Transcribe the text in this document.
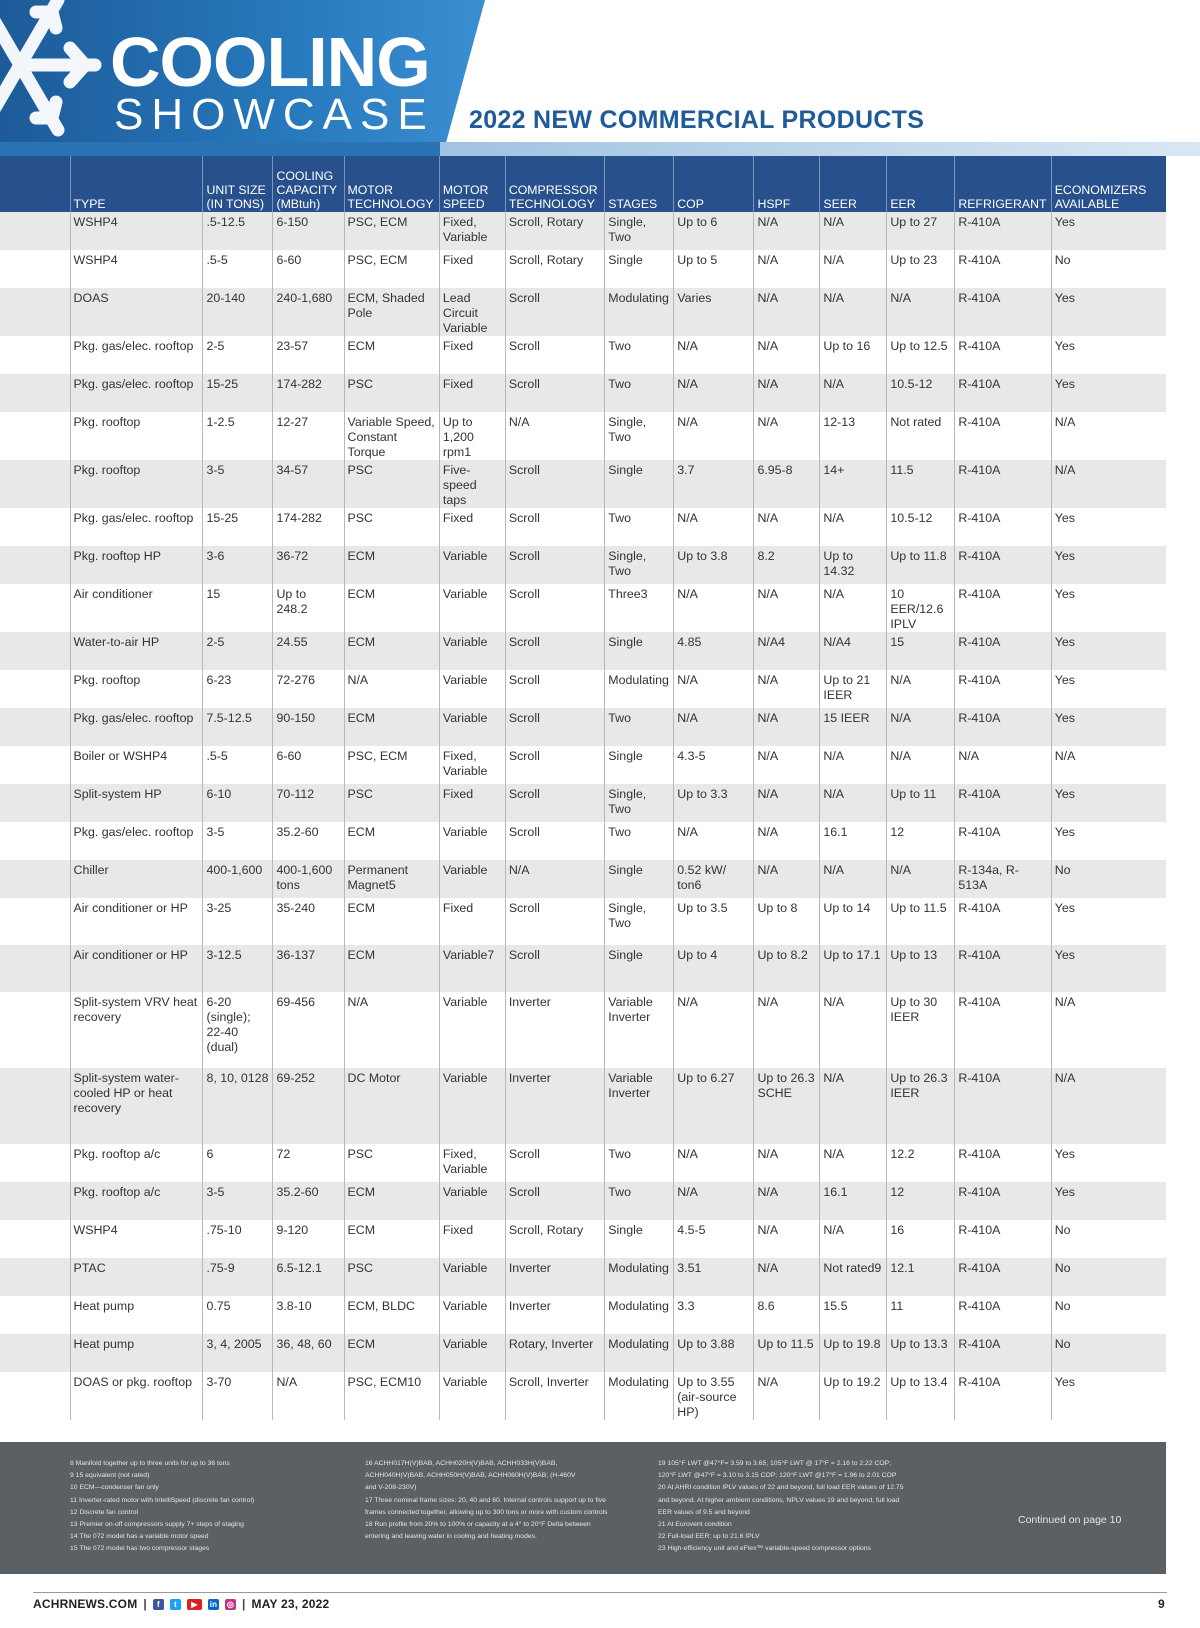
COOLING
SHOWCASE 2022 NEW COMMERCIAL PRODUCTS
	TYPE	UNIT SIZE (IN TONS)	COOLING CAPACITY (MBtuh)	MOTOR TECHNOLOGY	MOTOR SPEED	COMPRESSOR TECHNOLOGY	STAGES	COP	HSPF	SEER	EER	REFRIGERANT	ECONOMIZERS AVAILABLE
	WSHP4	.5-12.5	6-150	PSC, ECM	Fixed, Variable	Scroll, Rotary	Single, Two	Up to 6	N/A	N/A	Up to 27	R-410A	Yes
	WSHP4	.5-5	6-60	PSC, ECM	Fixed	Scroll, Rotary	Single	Up to 5	N/A	N/A	Up to 23	R-410A	No
	DOAS	20-140	240-1,680	ECM, Shaded Pole	Lead Circuit Variable	Scroll	Modulating	Varies	N/A	N/A	N/A	R-410A	Yes
	Pkg. gas/elec. rooftop	2-5	23-57	ECM	Fixed	Scroll	Two	N/A	N/A	Up to 16	Up to 12.5	R-410A	Yes
	Pkg. gas/elec. rooftop	15-25	174-282	PSC	Fixed	Scroll	Two	N/A	N/A	N/A	10.5-12	R-410A	Yes
	Pkg. rooftop	1-2.5	12-27	Variable Speed, Constant Torque	Up to 1,200 rpm1	N/A	Single, Two	N/A	N/A	12-13	Not rated	R-410A	N/A
	Pkg. rooftop	3-5	34-57	PSC	Five-speed taps	Scroll	Single	3.7	6.95-8	14+	11.5	R-410A	N/A
	Pkg. gas/elec. rooftop	15-25	174-282	PSC	Fixed	Scroll	Two	N/A	N/A	N/A	10.5-12	R-410A	Yes
	Pkg. rooftop HP	3-6	36-72	ECM	Variable	Scroll	Single, Two	Up to 3.8	8.2	Up to 14.32	Up to 11.8	R-410A	Yes
	Air conditioner	15	Up to 248.2	ECM	Variable	Scroll	Three3	N/A	N/A	N/A	10 EER/12.6 IPLV	R-410A	Yes
	Water-to-air HP	2-5	24.55	ECM	Variable	Scroll	Single	4.85	N/A4	N/A4	15	R-410A	Yes
	Pkg. rooftop	6-23	72-276	N/A	Variable	Scroll	Modulating	N/A	N/A	Up to 21 IEER	N/A	R-410A	Yes
	Pkg. gas/elec. rooftop	7.5-12.5	90-150	ECM	Variable	Scroll	Two	N/A	N/A	15 IEER	N/A	R-410A	Yes
	Boiler or WSHP4	.5-5	6-60	PSC, ECM	Fixed, Variable	Scroll	Single	4.3-5	N/A	N/A	N/A	N/A	N/A
	Split-system HP	6-10	70-112	PSC	Fixed	Scroll	Single, Two	Up to 3.3	N/A	N/A	Up to 11	R-410A	Yes
	Pkg. gas/elec. rooftop	3-5	35.2-60	ECM	Variable	Scroll	Two	N/A	N/A	16.1	12	R-410A	Yes
	Chiller	400-1,600	400-1,600 tons	Permanent Magnet5	Variable	N/A	Single	0.52 kW/ ton6	N/A	N/A	N/A	R-134a, R-513A	No
	Air conditioner or HP	3-25	35-240	ECM	Fixed	Scroll	Single, Two	Up to 3.5	Up to 8	Up to 14	Up to 11.5	R-410A	Yes
	Air conditioner or HP	3-12.5	36-137	ECM	Variable7	Scroll	Single	Up to 4	Up to 8.2	Up to 17.1	Up to 13	R-410A	Yes
	Split-system VRV heat recovery	6-20 (single); 22-40 (dual)	69-456	N/A	Variable	Inverter	Variable Inverter	N/A	N/A	N/A	Up to 30 IEER	R-410A	N/A
	Split-system water-cooled HP or heat recovery	8, 10, 0128	69-252	DC Motor	Variable	Inverter	Variable Inverter	Up to 6.27	Up to 26.3 SCHE	N/A	Up to 26.3 IEER	R-410A	N/A
	Pkg. rooftop a/c	6	72	PSC	Fixed, Variable	Scroll	Two	N/A	N/A	N/A	12.2	R-410A	Yes
	Pkg. rooftop a/c	3-5	35.2-60	ECM	Variable	Scroll	Two	N/A	N/A	16.1	12	R-410A	Yes
	WSHP4	.75-10	9-120	ECM	Fixed	Scroll, Rotary	Single	4.5-5	N/A	N/A	16	R-410A	No
	PTAC	.75-9	6.5-12.1	PSC	Variable	Inverter	Modulating	3.51	N/A	Not rated9	12.1	R-410A	No
	Heat pump	0.75	3.8-10	ECM, BLDC	Variable	Inverter	Modulating	3.3	8.6	15.5	11	R-410A	No
	Heat pump	3, 4, 2005	36, 48, 60	ECM	Variable	Rotary, Inverter	Modulating	Up to 3.88	Up to 11.5	Up to 19.8	Up to 13.3	R-410A	No
	DOAS or pkg. rooftop	3-70	N/A	PSC, ECM10	Variable	Scroll, Inverter	Modulating	Up to 3.55 (air-source HP)	N/A	Up to 19.2	Up to 13.4	R-410A	Yes
8 Manifold together up to three units for up to 36 tons
9 15 equivalent (not rated)
10 ECM—condenser fan only
11 Inverter-rated motor with IntelliSpeed (discrete fan control)
12 Discrete fan control
13 Premier on-off compressors supply 7+ steps of staging
14 The 072 model has a variable motor speed
15 The 072 model has two compressor stages
16 ACHH017H(V)BAB, ACHH020H(V)BAB, ACHH033H(V)BAB,
ACHH040H(V)BAB, ACHH050H(V)BAB, ACHH060H(V)BAB; (H-460V
and V-208-230V)
17 Three nominal frame sizes: 20, 40 and 60. Internal controls support up to five
frames connected together, allowing up to 300 tons or more with custom controls
18 Run profile from 20% to 100% or capacity at a 4° to 20°F Delta between
entering and leaving water in cooling and heating modes.
19 105°F LWT @47°F= 3.59 to 3.65; 105°F LWT @ 17°F = 2.16 to 2.22 COP;
120°F LWT @47°F = 3.10 to 3.15 COP; 120°F LWT @17°F = 1.96 to 2.01 COP
20 At AHRI condition IPLV values of 22 and beyond, full load EER values of 12.75
and beyond. At higher ambient conditions, NPLV values 19 and beyond, full load
EER values of 9.5 and beyond
21 At Eurovent condition
22 Full-load EER; up to 21.6 IPLV
23 High-efficiency unit and eFlex™ variable-speed compressor options
Continued on page 10
ACHRNEWS.COM |	f	t	▶	in ◎ | MAY 23, 2022	9
